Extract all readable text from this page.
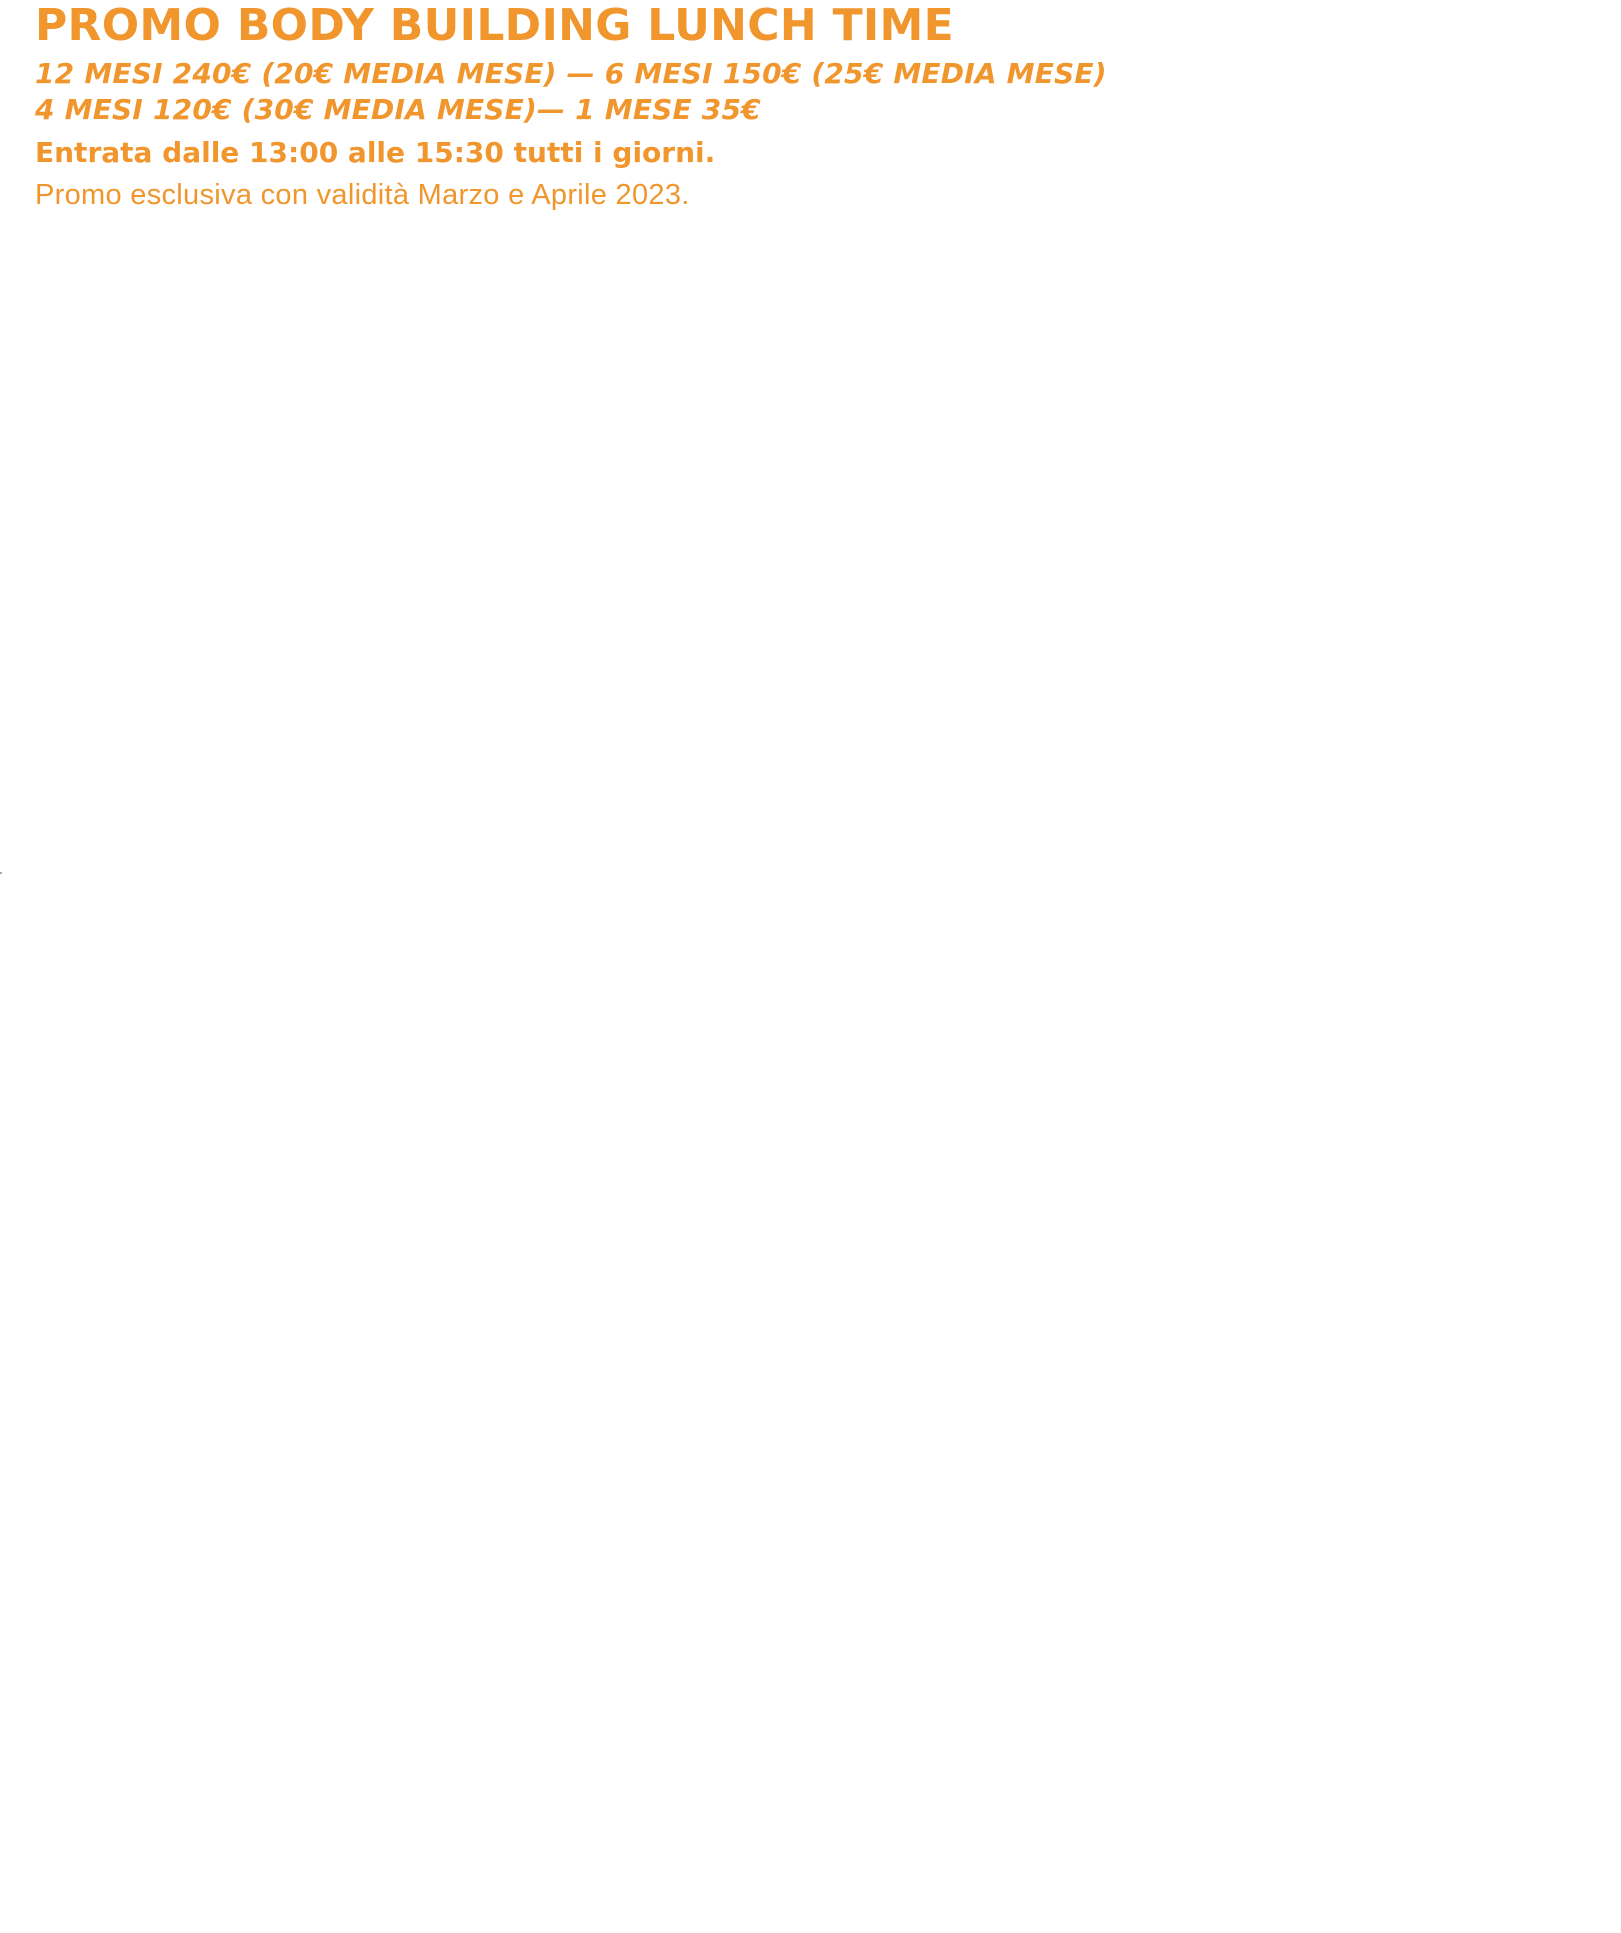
PROMO BODY BUILDING LUNCH TIME
12 MESI 240€ (20€ MEDIA MESE) — 6 MESI 150€ (25€ MEDIA MESE)
4 MESI 120€ (30€ MEDIA MESE)— 1 MESE 35€
Entrata dalle 13:00 alle 15:30 tutti i giorni.
Promo esclusiva con validità Marzo e Aprile 2023.
